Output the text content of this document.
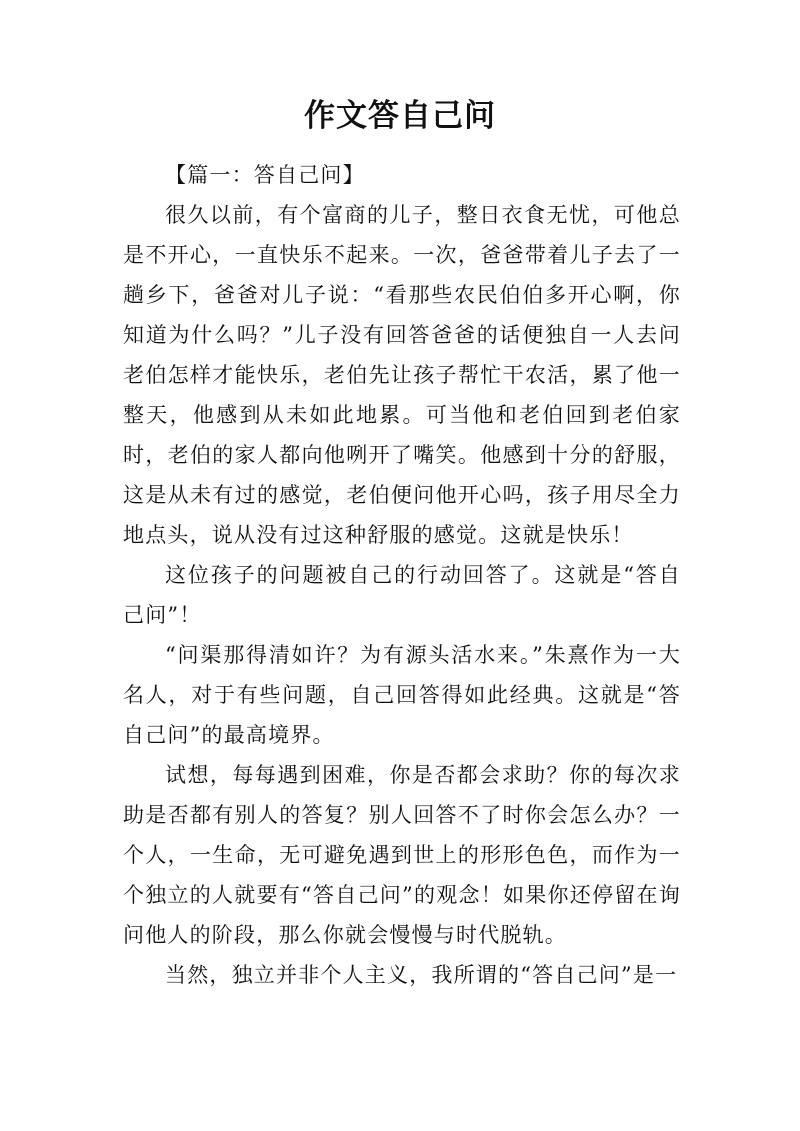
作文答自己问

【篇一：答自己问】

很久以前，有个富商的儿子，整日衣食无忧，可他总是不开心，一直快乐不起来。一次，爸爸带着儿子去了一趟乡下，爸爸对儿子说：“看那些农民伯伯多开心啊，你知道为什么吗？”儿子没有回答爸爸的话便独自一人去问老伯怎样才能快乐，老伯先让孩子帮忙干农活，累了他一整天，他感到从未如此地累。可当他和老伯回到老伯家时，老伯的家人都向他咧开了嘴笑。他感到十分的舒服，这是从未有过的感觉，老伯便问他开心吗，孩子用尽全力地点头，说从没有过这种舒服的感觉。这就是快乐！

这位孩子的问题被自己的行动回答了。这就是“答自己问”！

“问渠那得清如许？为有源头活水来。”朱熹作为一大名人，对于有些问题，自己回答得如此经典。这就是“答自己问”的最高境界。

试想，每每遇到困难，你是否都会求助？你的每次求助是否都有别人的答复？别人回答不了时你会怎么办？一个人，一生命，无可避免遇到世上的形形色色，而作为一个独立的人就要有“答自己问”的观念！如果你还停留在询问他人的阶段，那么你就会慢慢与时代脱轨。

当然，独立并非个人主义，我所谓的“答自己问”是一
